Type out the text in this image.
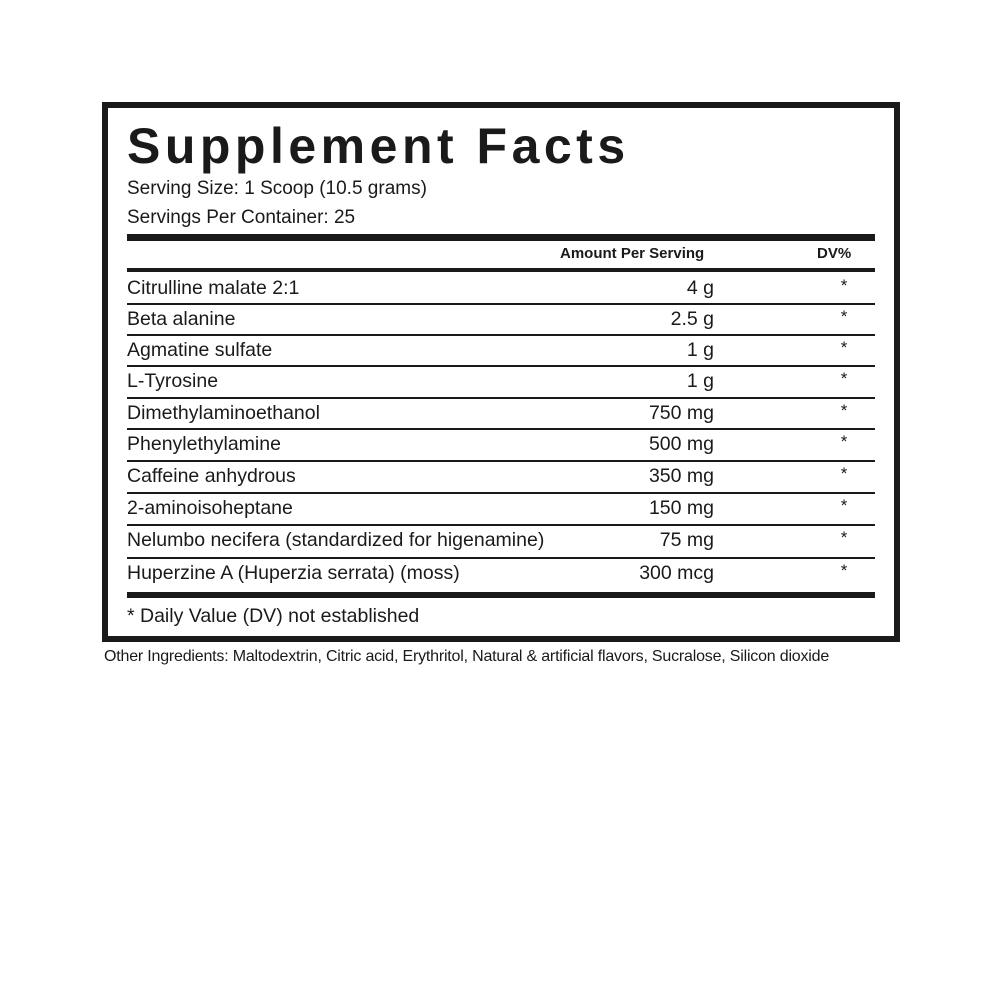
Supplement Facts
Serving Size: 1 Scoop (10.5 grams)
Servings Per Container: 25
Amount Per Serving	DV%
Citrulline malate 2:1	4 g	*
Beta alanine	2.5 g	*
Agmatine sulfate	1 g	*
L-Tyrosine	1 g	*
Dimethylaminoethanol	750 mg	*
Phenylethylamine	500 mg	*
Caffeine anhydrous	350 mg	*
2-aminoisoheptane	150 mg	*
Nelumbo necifera (standardized for higenamine)	75 mg	*
Huperzine A (Huperzia serrata) (moss)	300 mcg	*
* Daily Value (DV) not established
Other Ingredients: Maltodextrin, Citric acid, Erythritol, Natural & artificial flavors, Sucralose, Silicon dioxide
